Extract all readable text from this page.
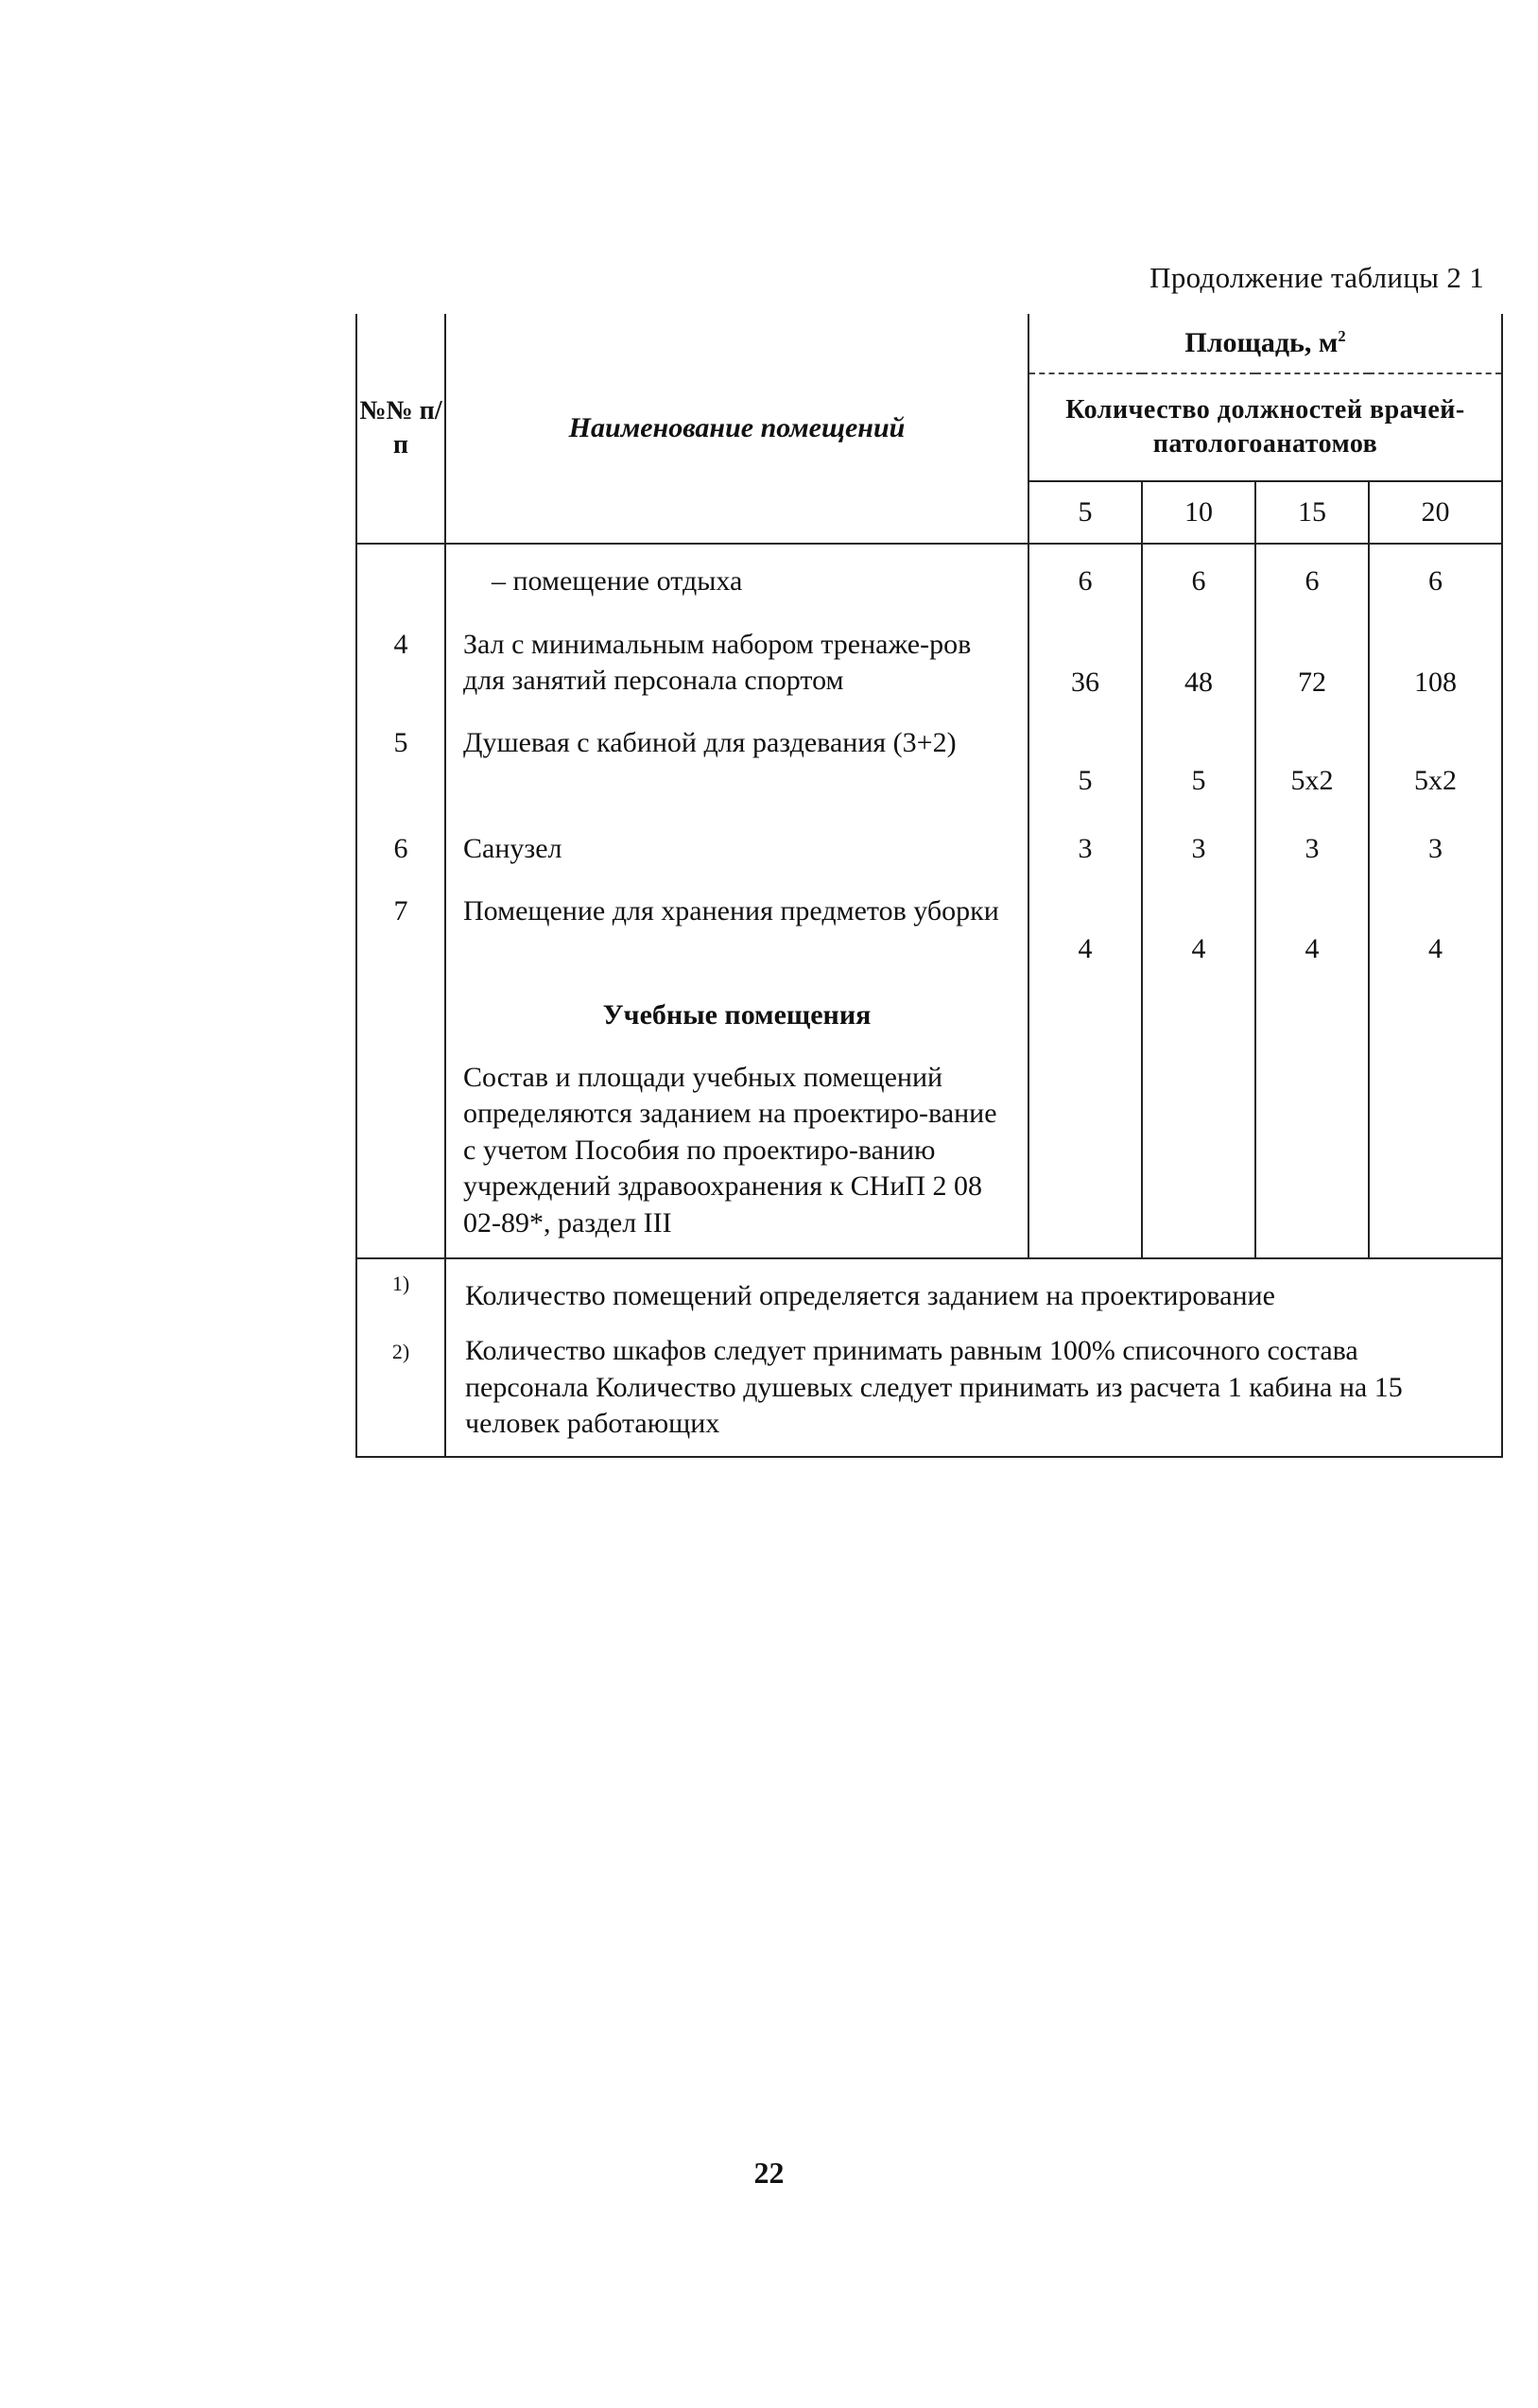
Продолжение таблицы 2 1
№№ п/п	Наименование помещений	Площадь, $м^2$
		Количество должностей врачей-патологоанатомов			
		5	10	15	20
	– помещение отдыха	6	6	6	6
4	Зал с минимальным набором тренаже-ров для занятий персонала спортом	36	48	72	108
5	Душевая с кабиной для раздевания (3+2)	5	5	5x2	5x2
6	Санузел	3	3	3	3
7	Помещение для хранения предметов уборки	4	4	4	4
	Учебные помещения				
	Состав и площади учебных помещений определяются заданием на проектиро-вание с учетом Пособия по проектиро-ванию учреждений здравоохранения к СНиП 2 08 02-89*, раздел III				
1)	Количество помещений определяется заданием на проектирование				
2)	Количество шкафов следует принимать равным 100% списочного состава персонала Количество душевых следует принимать из расчета 1 кабина на 15 человек работающих				
22
